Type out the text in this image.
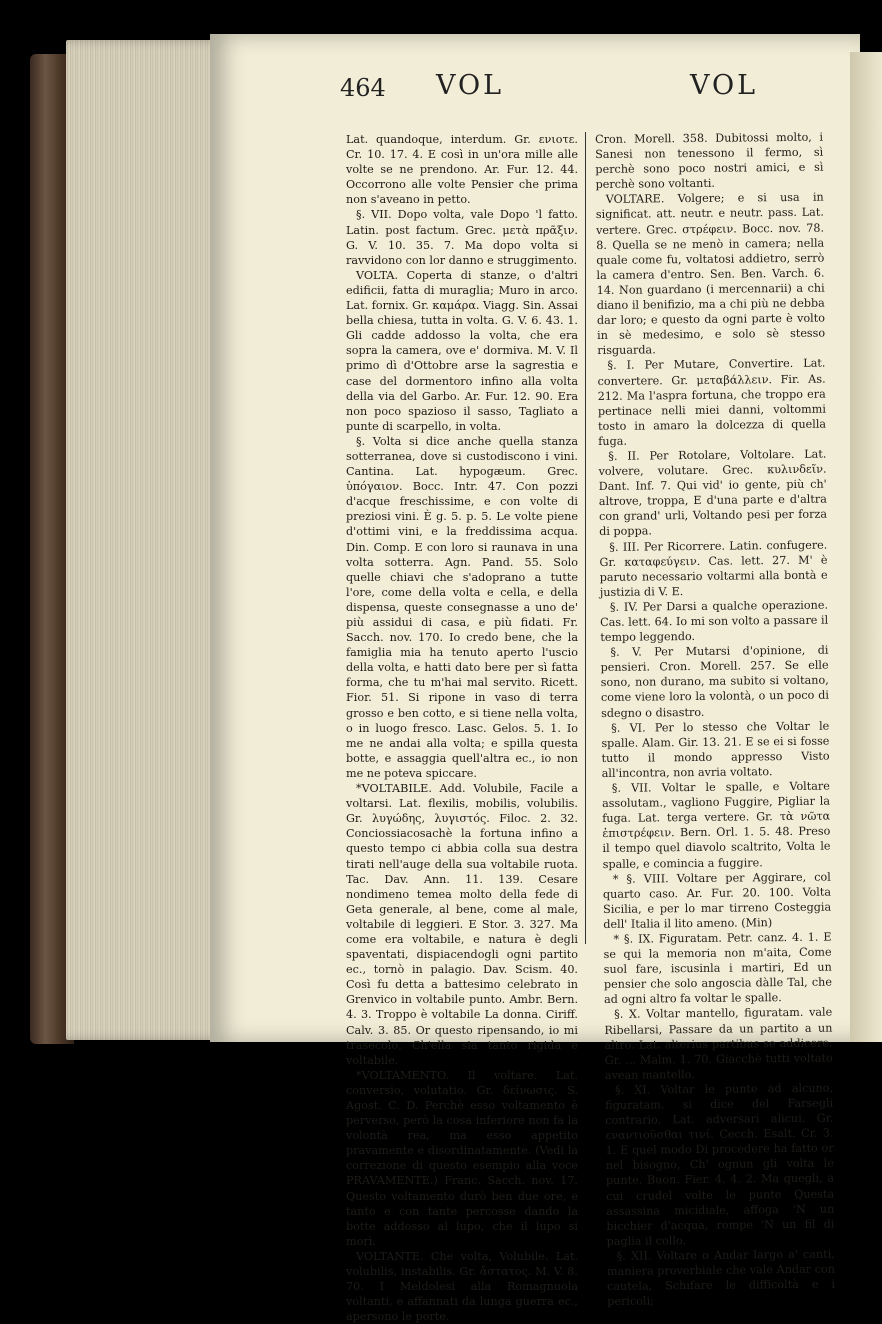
464 VOL	VOL

Lat. quandoque, interdum. Gr. ενιοτε. Cr. 10. 17. 4. E così in un'ora mille alle volte se ne prendono. Ar. Fur. 12. 44. Occorrono alle volte Pensier che prima non s'aveano in petto.

§. VII. Dopo volta, vale Dopo 'l fatto. Latin. post factum. Grec. μετὰ πρᾶξιν. G. V. 10. 35. 7. Ma dopo volta si ravvidono con lor danno e struggimento.

VOLTA. Coperta di stanze, o d'altri edificii, fatta di muraglia; Muro in arco. Lat. fornix. Gr. καμάρα. Viagg. Sin. Assai bella chiesa, tutta in volta. G. V. 6. 43. 1. Gli cadde addosso la volta, che era sopra la camera, ove e' dormiva. M. V. Il primo dì d'Ottobre arse la sagrestia e case del dormentoro infino alla volta della via del Garbo. Ar. Fur. 12. 90. Era non poco spazioso il sasso, Tagliato a punte di scarpello, in volta.

§. Volta si dice anche quella stanza sotterranea, dove si custodiscono i vini. Cantina. Lat. hypogæum. Grec. ὑπόγαιον. Bocc. Intr. 47. Con pozzi d'acque freschissime, e con volte di preziosi vini. È g. 5. p. 5. Le volte piene d'ottimi vini, e la freddissima acqua. Din. Comp. E con loro si raunava in una volta sotterra. Agn. Pand. 55. Solo quelle chiavi che s'adoprano a tutte l'ore, come della volta e cella, e della dispensa, queste consegnasse a uno de' più assidui di casa, e più fidati. Fr. Sacch. nov. 170. Io credo bene, che la famiglia mia ha tenuto aperto l'uscio della volta, e hatti dato bere per sì fatta forma, che tu m'hai mal servito. Ricett. Fior. 51. Si ripone in vaso di terra grosso e ben cotto, e si tiene nella volta, o in luogo fresco. Lasc. Gelos. 5. 1. Io me ne andai alla volta; e spilla questa botte, e assaggia quell'altra ec., io non me ne poteva spiccare.

*VOLTABILE. Add. Volubile, Facile a voltarsi. Lat. flexilis, mobilis, volubilis. Gr. λυγώδης, λυγιστός. Filoc. 2. 32. Conciossiacosachè la fortuna infino a questo tempo ci abbia colla sua destra tirati nell'auge della sua voltabile ruota. Tac. Dav. Ann. 11. 139. Cesare nondimeno temea molto della fede di Geta generale, al bene, come al male, voltabile di leggieri. E Stor. 3. 327. Ma come era voltabile, e natura è degli spaventati, dispiacendogli ogni partito ec., tornò in palagio. Dav. Scism. 40. Così fu detta a battesimo celebrato in Grenvico in voltabile punto. Ambr. Bern. 4. 3. Troppo è voltabile La donna. Ciriff. Calv. 3. 85. Or questo ripensando, io mi trasecolo, Ch'ella sia tanto rigida e voltabile.

*VOLTAMENTO. Il voltare. Lat. conversio, volutatio. Gr. δείνωσις. S. Agost. C. D. Perchè esso voltamento è perverso, però la cosa inferiore non fa la volontà rea, ma esso appetito pravamente e disordinatamente. (Vedi la correzione di questo esempio alla voce PRAVAMENTE.) Franc. Sacch. nov. 17. Questo voltamento durò ben due ore, e tanto e con tante percosse dando la botte addosso al lupo, che il lupo si morì.

VOLTANTE. Che volta, Volubile. Lat. volubilis, instabilis. Gr. ἄστατος. M. V. 8. 70. I Meldolesi alla Romagnuola voltanti, e affannati da lunga guerra ec., apersono le porte.

Cron. Morell. 358. Dubitossi molto, i Sanesi non tenessono il fermo, sì perchè sono poco nostri amici, e sì perchè sono voltanti.

VOLTARE. Volgere; e si usa in significat. att. neutr. e neutr. pass. Lat. vertere. Grec. στρέφειν. Bocc. nov. 78. 8. Quella se ne menò in camera; nella quale come fu, voltatosi addietro, serrò la camera d'entro. Sen. Ben. Varch. 6. 14. Non guardano (i mercennarii) a chi diano il benifizio, ma a chi più ne debba dar loro; e questo da ogni parte è volto in sè medesimo, e solo sè stesso risguarda.

§. I. Per Mutare, Convertire. Lat. convertere. Gr. μεταβάλλειν. Fir. As. 212. Ma l'aspra fortuna, che troppo era pertinace nelli miei danni, voltommi tosto in amaro la dolcezza di quella fuga.

§. II. Per Rotolare, Voltolare. Lat. volvere, volutare. Grec. κυλινδεῖν. Dant. Inf. 7. Qui vid' io gente, più ch' altrove, troppa, E d'una parte e d'altra con grand' urli, Voltando pesi per forza di poppa.

§. III. Per Ricorrere. Latin. confugere. Gr. καταφεύγειν. Cas. lett. 27. M' è paruto necessario voltarmi alla bontà e justizia di V. E.

§. IV. Per Darsi a qualche operazione. Cas. lett. 64. Io mi son volto a passare il tempo leggendo.

§. V. Per Mutarsi d'opinione, di pensieri. Cron. Morell. 257. Se elle sono, non durano, ma subito si voltano, come viene loro la volontà, o un poco di sdegno o disastro.

§. VI. Per lo stesso che Voltar le spalle. Alam. Gir. 13. 21. E se ei si fosse tutto il mondo appresso Visto all'incontra, non avria voltato.

§. VII. Voltar le spalle, e Voltare assolutam., vagliono Fuggire, Pigliar la fuga. Lat. terga vertere. Gr. τὰ νῶτα ἐπιστρέφειν. Bern. Orl. 1. 5. 48. Preso il tempo quel diavolo scaltrito, Volta le spalle, e comincia a fuggire.

* §. VIII. Voltare per Aggirare, col quarto caso. Ar. Fur. 20. 100. Volta Sicilia, e per lo mar tirreno Costeggia dell' Italia il lito ameno. (Min)

* §. IX. Figuratam. Petr. canz. 4. 1. E se qui la memoria non m'aita, Come suol fare, iscusinla i martiri, Ed un pensier che solo angoscia dàlle Tal, che ad ogni altro fa voltar le spalle.

§. X. Voltar mantello, figuratam. vale Ribellarsi, Passare da un partito a un altro. Lat. alterius partibus se addicere. Gr. ... Malm. 1. 70. Giacchè tutti voltato avean mantello.

§. XI. Voltar le punte ad alcuno, figuratam. si dice del Farsegli contrario. Lat. adversari alicui. Gr. εναντιοῦσθαι τινί. Cecch. Esalt. Cr. 3. 1. E quel modo Di procedere ha fatto or nel bisogno, Ch' ognun gli volta le punte. Buon. Fier. 4. 4. 2. Ma quegli, a cui crudel volte le punte Questa assassina micidiale, affoga 'N un bicchier d'acqua, rompe 'N un fil di paglia il collo.

§. XII. Voltare o Andar largo a' canti, maniera proverbiale che vale Andar con cautela, Schifare le difficoltà e i pericoli;
